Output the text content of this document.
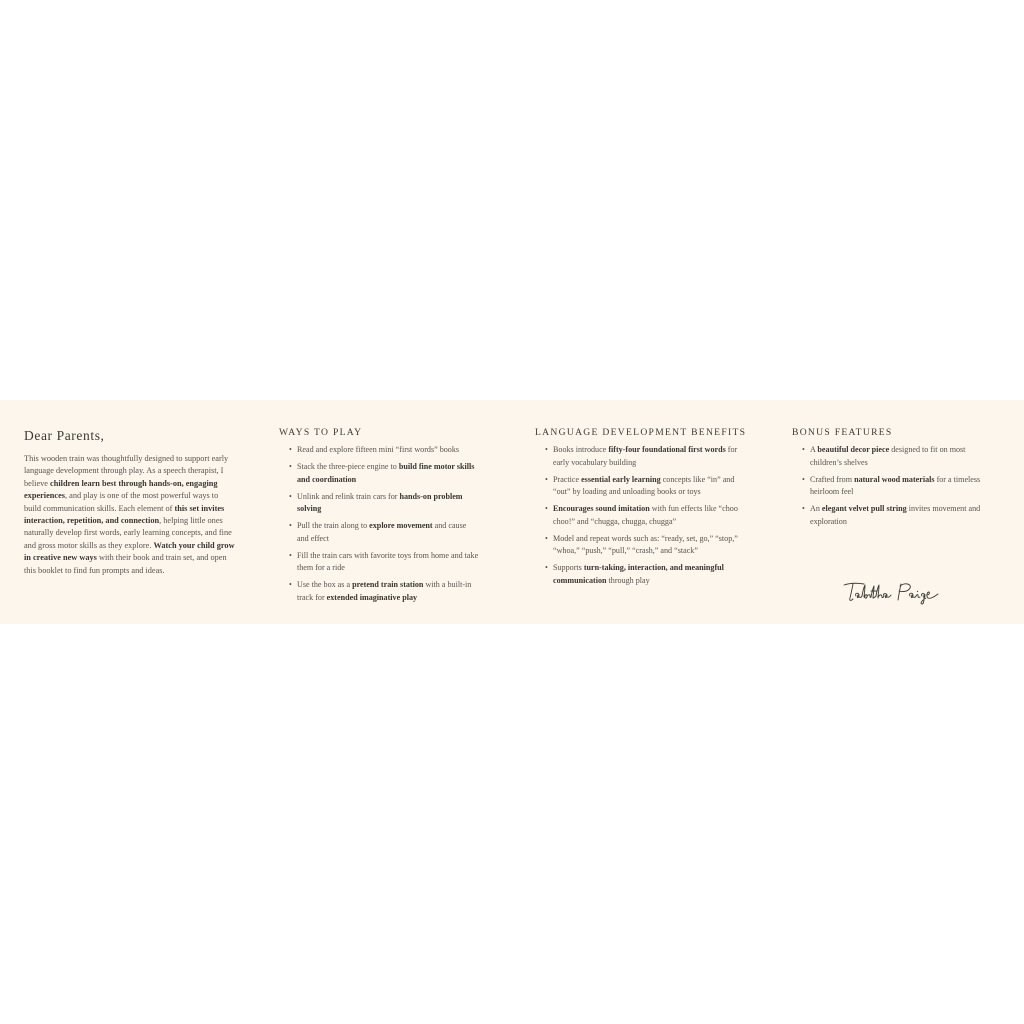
Dear Parents,

This wooden train was thoughtfully designed to support early language development through play. As a speech therapist, I believe children learn best through hands-on, engaging experiences, and play is one of the most powerful ways to build communication skills. Each element of this set invites interaction, repetition, and connection, helping little ones naturally develop first words, early learning concepts, and fine and gross motor skills as they explore. Watch your child grow in creative new ways with their book and train set, and open this booklet to find fun prompts and ideas.

WAYS TO PLAY
• Read and explore fifteen mini “first words” books
• Stack the three-piece engine to build fine motor skills and coordination
• Unlink and relink train cars for hands-on problem solving
• Pull the train along to explore movement and cause and effect
• Fill the train cars with favorite toys from home and take them for a ride
• Use the box as a pretend train station with a built-in track for extended imaginative play
LANGUAGE DEVELOPMENT BENEFITS
• Books introduce fifty-four foundational first words for early vocabulary building
• Practice essential early learning concepts like “in” and “out” by loading and unloading books or toys
• Encourages sound imitation with fun effects like “choo choo!” and “chugga, chugga, chugga”
• Model and repeat words such as: “ready, set, go,” “stop,” “whoa,” “push,” “pull,” “crash,” and “stack”
• Supports turn-taking, interaction, and meaningful communication through play
BONUS FEATURES
• A beautiful decor piece designed to fit on most children’s shelves
• Crafted from natural wood materials for a timeless heirloom feel
• An elegant velvet pull string invites movement and exploration
